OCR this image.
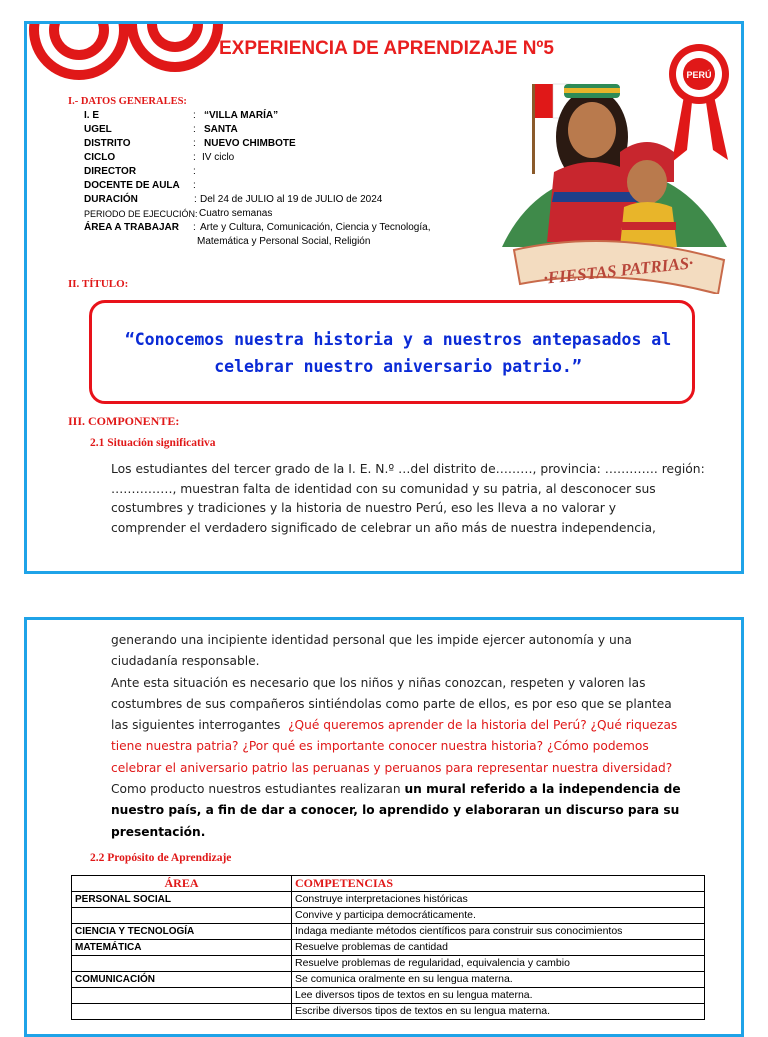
EXPERIENCIA DE APRENDIZAJE Nº5
·FIESTAS PATRIAS·
PERÚ
I.- DATOS GENERALES:
I. E	: “VILLA MARÍA”
UGEL	: SANTA
DISTRITO	: NUEVO CHIMBOTE
CICLO	: IV ciclo
DIRECTOR	:
DOCENTE DE AULA :
DURACIÓN	: Del 24 de JULIO al 19 de JULIO de 2024
PERIODO DE EJECUCIÓN: Cuatro semanas
ÁREA A TRABAJAR : Arte y Cultura, Comunicación, Ciencia y Tecnología,
Matemática y Personal Social, Religión
II. TÍTULO:
“Conocemos nuestra historia y a nuestros antepasados al
celebrar nuestro aniversario patrio.”
III. COMPONENTE:
2.1 Situación significativa
Los estudiantes del tercer grado de la I. E. N.º …del distrito de………, provincia: …………. región:
……………, muestran falta de identidad con su comunidad y su patria, al desconocer sus
costumbres y tradiciones y la historia de nuestro Perú, eso les lleva a no valorar y
comprender el verdadero significado de celebrar un año más de nuestra independencia,
generando una incipiente identidad personal que les impide ejercer autonomía y una
ciudadanía responsable.
Ante esta situación es necesario que los niños y niñas conozcan, respeten y valoren las
costumbres de sus compañeros sintiéndolas como parte de ellos, es por eso que se plantea
las siguientes interrogantes ¿Qué queremos aprender de la historia del Perú? ¿Qué riquezas
tiene nuestra patria? ¿Por qué es importante conocer nuestra historia? ¿Cómo podemos
celebrar el aniversario patrio las peruanas y peruanos para representar nuestra diversidad?
Como producto nuestros estudiantes realizaran un mural referido a la independencia de
nuestro país, a fin de dar a conocer, lo aprendido y elaboraran un discurso para su
presentación.
2.2 Propósito de Aprendizaje
ÁREA	COMPETENCIAS
PERSONAL SOCIAL	Construye interpretaciones históricas
	Convive y participa democráticamente.
CIENCIA Y TECNOLOGÍA	Indaga mediante métodos científicos para construir sus conocimientos
MATEMÁTICA	Resuelve problemas de cantidad
	Resuelve problemas de regularidad, equivalencia y cambio
COMUNICACIÓN	Se comunica oralmente en su lengua materna.
	Lee diversos tipos de textos en su lengua materna.
	Escribe diversos tipos de textos en su lengua materna.
